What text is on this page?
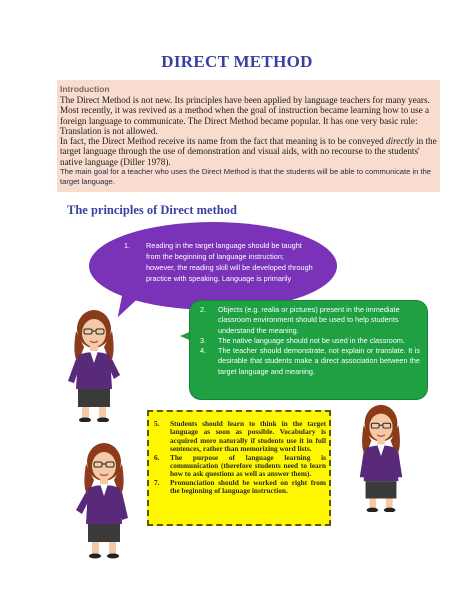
DIRECT METHOD

Introduction

The Direct Method is not new. Its principles have been applied by language teachers for many years. Most recently, it was revived as a method when the goal of instruction became learning how to use a foreign language to communicate. The Direct Method became popular. It has one very basic rule: Translation is not allowed.

In fact, the Direct Method receive its name from the fact that meaning is to be conveyed directly in the target language through the use of demonstration and visual aids, with no recourse to the students' native language (Diller 1978).

The main goal for a teacher who uses the Direct Method is that the students will be able to communicate in the target language.

The principles of Direct method
1. Reading in the target language should be taught from the beginning of language instruction; however, the reading skill will be developed through practice with speaking. Language is primarily
2. Objects (e.g. realia or pictures) present in the immediate classroom environment should be used to help students understand the meaning.
3. The native language should not be used in the classroom.
4. The teacher should demonstrate, not explain or translate. It is desirable that students make a direct association between the target language and meaning.
5. Students should learn to think in the target language as soon as possible. Vocabulary is acquired more naturally if students use it in full sentences, rather than memorizing word lists.
6. The purpose of language learning is communication (therefore students need to learn how to ask questions as well as answer them).
7. Pronunciation should be worked on right from the beginning of language instruction.
